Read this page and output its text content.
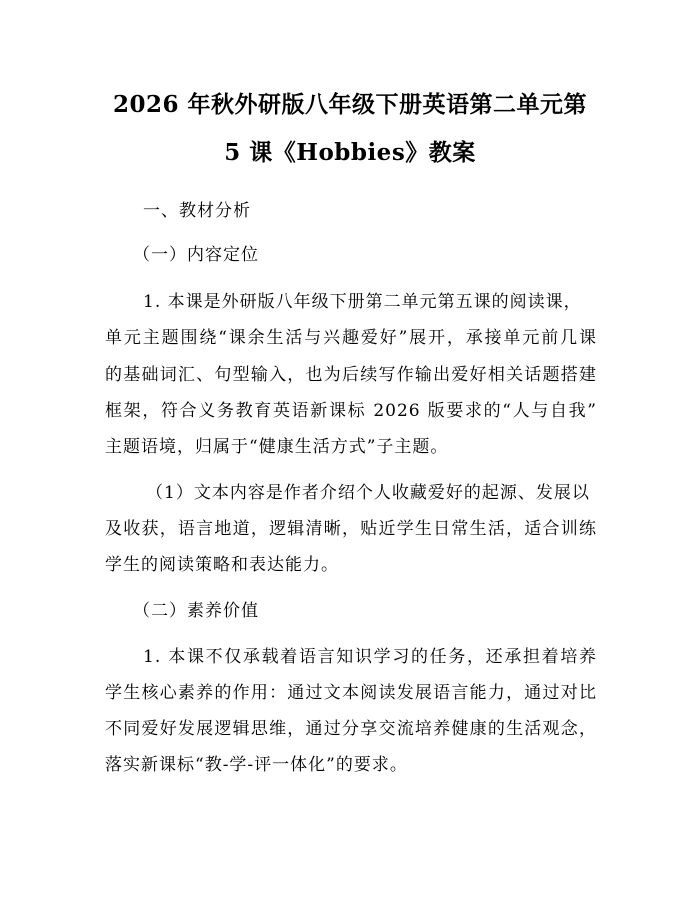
2026 年秋外研版八年级下册英语第二单元第
5 课《Hobbies》教案
一、教材分析
（一）内容定位
1. 本课是外研版八年级下册第二单元第五课的阅读课，
单元主题围绕“课余生活与兴趣爱好”展开，承接单元前几课
的基础词汇、句型输入，也为后续写作输出爱好相关话题搭建
框架，符合义务教育英语新课标 2026 版要求的“人与自我”
主题语境，归属于“健康生活方式”子主题。
（1）文本内容是作者介绍个人收藏爱好的起源、发展以
及收获，语言地道，逻辑清晰，贴近学生日常生活，适合训练
学生的阅读策略和表达能力。
（二）素养价值
1. 本课不仅承载着语言知识学习的任务，还承担着培养
学生核心素养的作用：通过文本阅读发展语言能力，通过对比
不同爱好发展逻辑思维，通过分享交流培养健康的生活观念，
落实新课标“教-学-评一体化”的要求。
